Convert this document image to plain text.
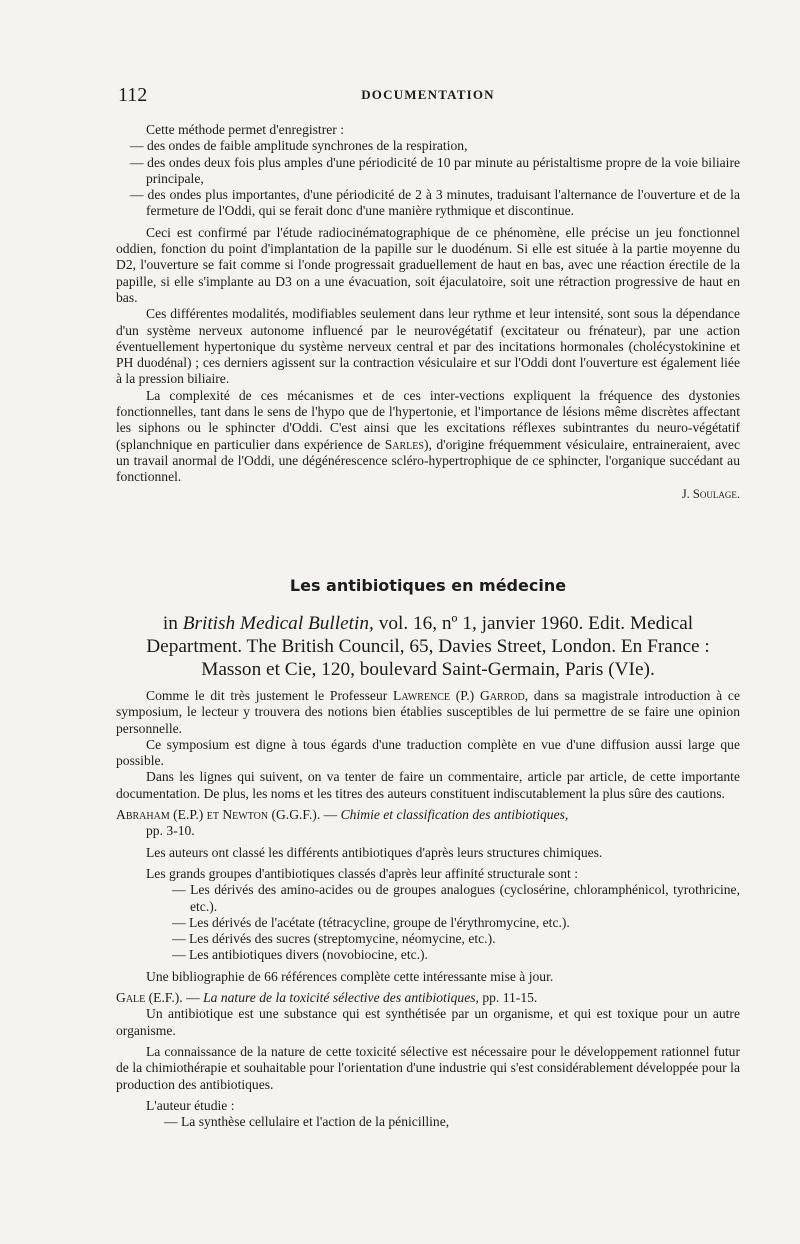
112	DOCUMENTATION

Cette méthode permet d'enregistrer :

— des ondes de faible amplitude synchrones de la respiration,

— des ondes deux fois plus amples d'une périodicité de 10 par minute au péristaltisme propre de la voie biliaire principale,

— des ondes plus importantes, d'une périodicité de 2 à 3 minutes, traduisant l'alternance de l'ouverture et de la fermeture de l'Oddi, qui se ferait donc d'une manière rythmique et discontinue.

Ceci est confirmé par l'étude radiocinématographique de ce phénomène, elle précise un jeu fonctionnel oddien, fonction du point d'implantation de la papille sur le duodénum. Si elle est située à la partie moyenne du D2, l'ouverture se fait comme si l'onde progressait graduellement de haut en bas, avec une réaction érectile de la papille, si elle s'implante au D3 on a une évacuation, soit éjaculatoire, soit une rétraction progressive de haut en bas.

Ces différentes modalités, modifiables seulement dans leur rythme et leur intensité, sont sous la dépendance d'un système nerveux autonome influencé par le neurovégétatif (excitateur ou frénateur), par une action éventuellement hypertonique du système nerveux central et par des incitations hormonales (cholécystokinine et PH duodénal) ; ces derniers agissent sur la contraction vésiculaire et sur l'Oddi dont l'ouverture est également liée à la pression biliaire.

La complexité de ces mécanismes et de ces inter-vections expliquent la fréquence des dystonies fonctionnelles, tant dans le sens de l'hypo que de l'hypertonie, et l'importance de lésions même discrètes affectant les siphons ou le sphincter d'Oddi. C'est ainsi que les excitations réflexes subintrantes du neuro-végétatif (splanchnique en particulier dans expérience de Sarles), d'origine fréquemment vésiculaire, entraineraient, avec un travail anormal de l'Oddi, une dégénérescence scléro-hypertrophique de ce sphincter, l'organique succédant au fonctionnel.

J. Soulage.

Les antibiotiques en médecine
in British Medical Bulletin, vol. 16, nº 1, janvier 1960. Edit. Medical Department. The British Council, 65, Davies Street, London. En France : Masson et Cie, 120, boulevard Saint-Germain, Paris (VIe).

Comme le dit très justement le Professeur Lawrence (P.) Garrod, dans sa magistrale introduction à ce symposium, le lecteur y trouvera des notions bien établies susceptibles de lui permettre de se faire une opinion personnelle.

Ce symposium est digne à tous égards d'une traduction complète en vue d'une diffusion aussi large que possible.

Dans les lignes qui suivent, on va tenter de faire un commentaire, article par article, de cette importante documentation. De plus, les noms et les titres des auteurs constituent indiscutablement la plus sûre des cautions.

Abraham (E.P.) et Newton (G.G.F.). — Chimie et classification des antibiotiques,

pp. 3-10.

Les auteurs ont classé les différents antibiotiques d'après leurs structures chimiques.

Les grands groupes d'antibiotiques classés d'après leur affinité structurale sont :

— Les dérivés des amino-acides ou de groupes analogues (cyclosérine, chloramphénicol, tyrothricine, etc.).

— Les dérivés de l'acétate (tétracycline, groupe de l'érythromycine, etc.).

— Les dérivés des sucres (streptomycine, néomycine, etc.).

— Les antibiotiques divers (novobiocine, etc.).

Une bibliographie de 66 références complète cette intéressante mise à jour.

Gale (E.F.). — La nature de la toxicité sélective des antibiotiques, pp. 11-15.

Un antibiotique est une substance qui est synthétisée par un organisme, et qui est toxique pour un autre organisme.

La connaissance de la nature de cette toxicité sélective est nécessaire pour le développement rationnel futur de la chimiothérapie et souhaitable pour l'orientation d'une industrie qui s'est considérablement développée pour la production des antibiotiques.

L'auteur étudie :

— La synthèse cellulaire et l'action de la pénicilline,
